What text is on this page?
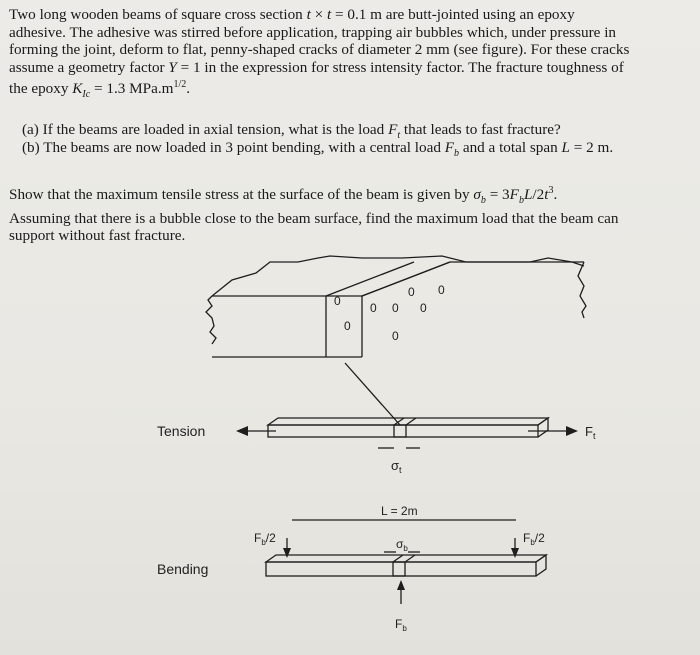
Two long wooden beams of square cross section t × t = 0.1 m are butt-jointed using an epoxy
adhesive. The adhesive was stirred before application, trapping air bubbles which, under pressure in
forming the joint, deform to flat, penny-shaped cracks of diameter 2 mm (see figure). For these cracks
assume a geometry factor Y = 1 in the expression for stress intensity factor. The fracture toughness of
the epoxy $K_{Ic} = 1.3$ $MPa.m^{1/2}$.
(a) If the beams are loaded in axial tension, what is the load $F_t$ that leads to fast fracture?
(b) The beams are now loaded in 3 point bending, with a central load $F_b$ and a total span L = 2 m.
Show that the maximum tensile stress at the surface of the beam is given by $\sigma_b = 3F_bL/2t^3$.
Assuming that there is a bubble close to the beam surface, find the maximum load that the beam can
support without fast fracture.
0
0
0 0 0
0
0 0
Tension
Bending
$F_t$
$\sigma_t$
L = 2m
$F_b/2$	$F_b/2$
$\sigma_b$
$F_b$
